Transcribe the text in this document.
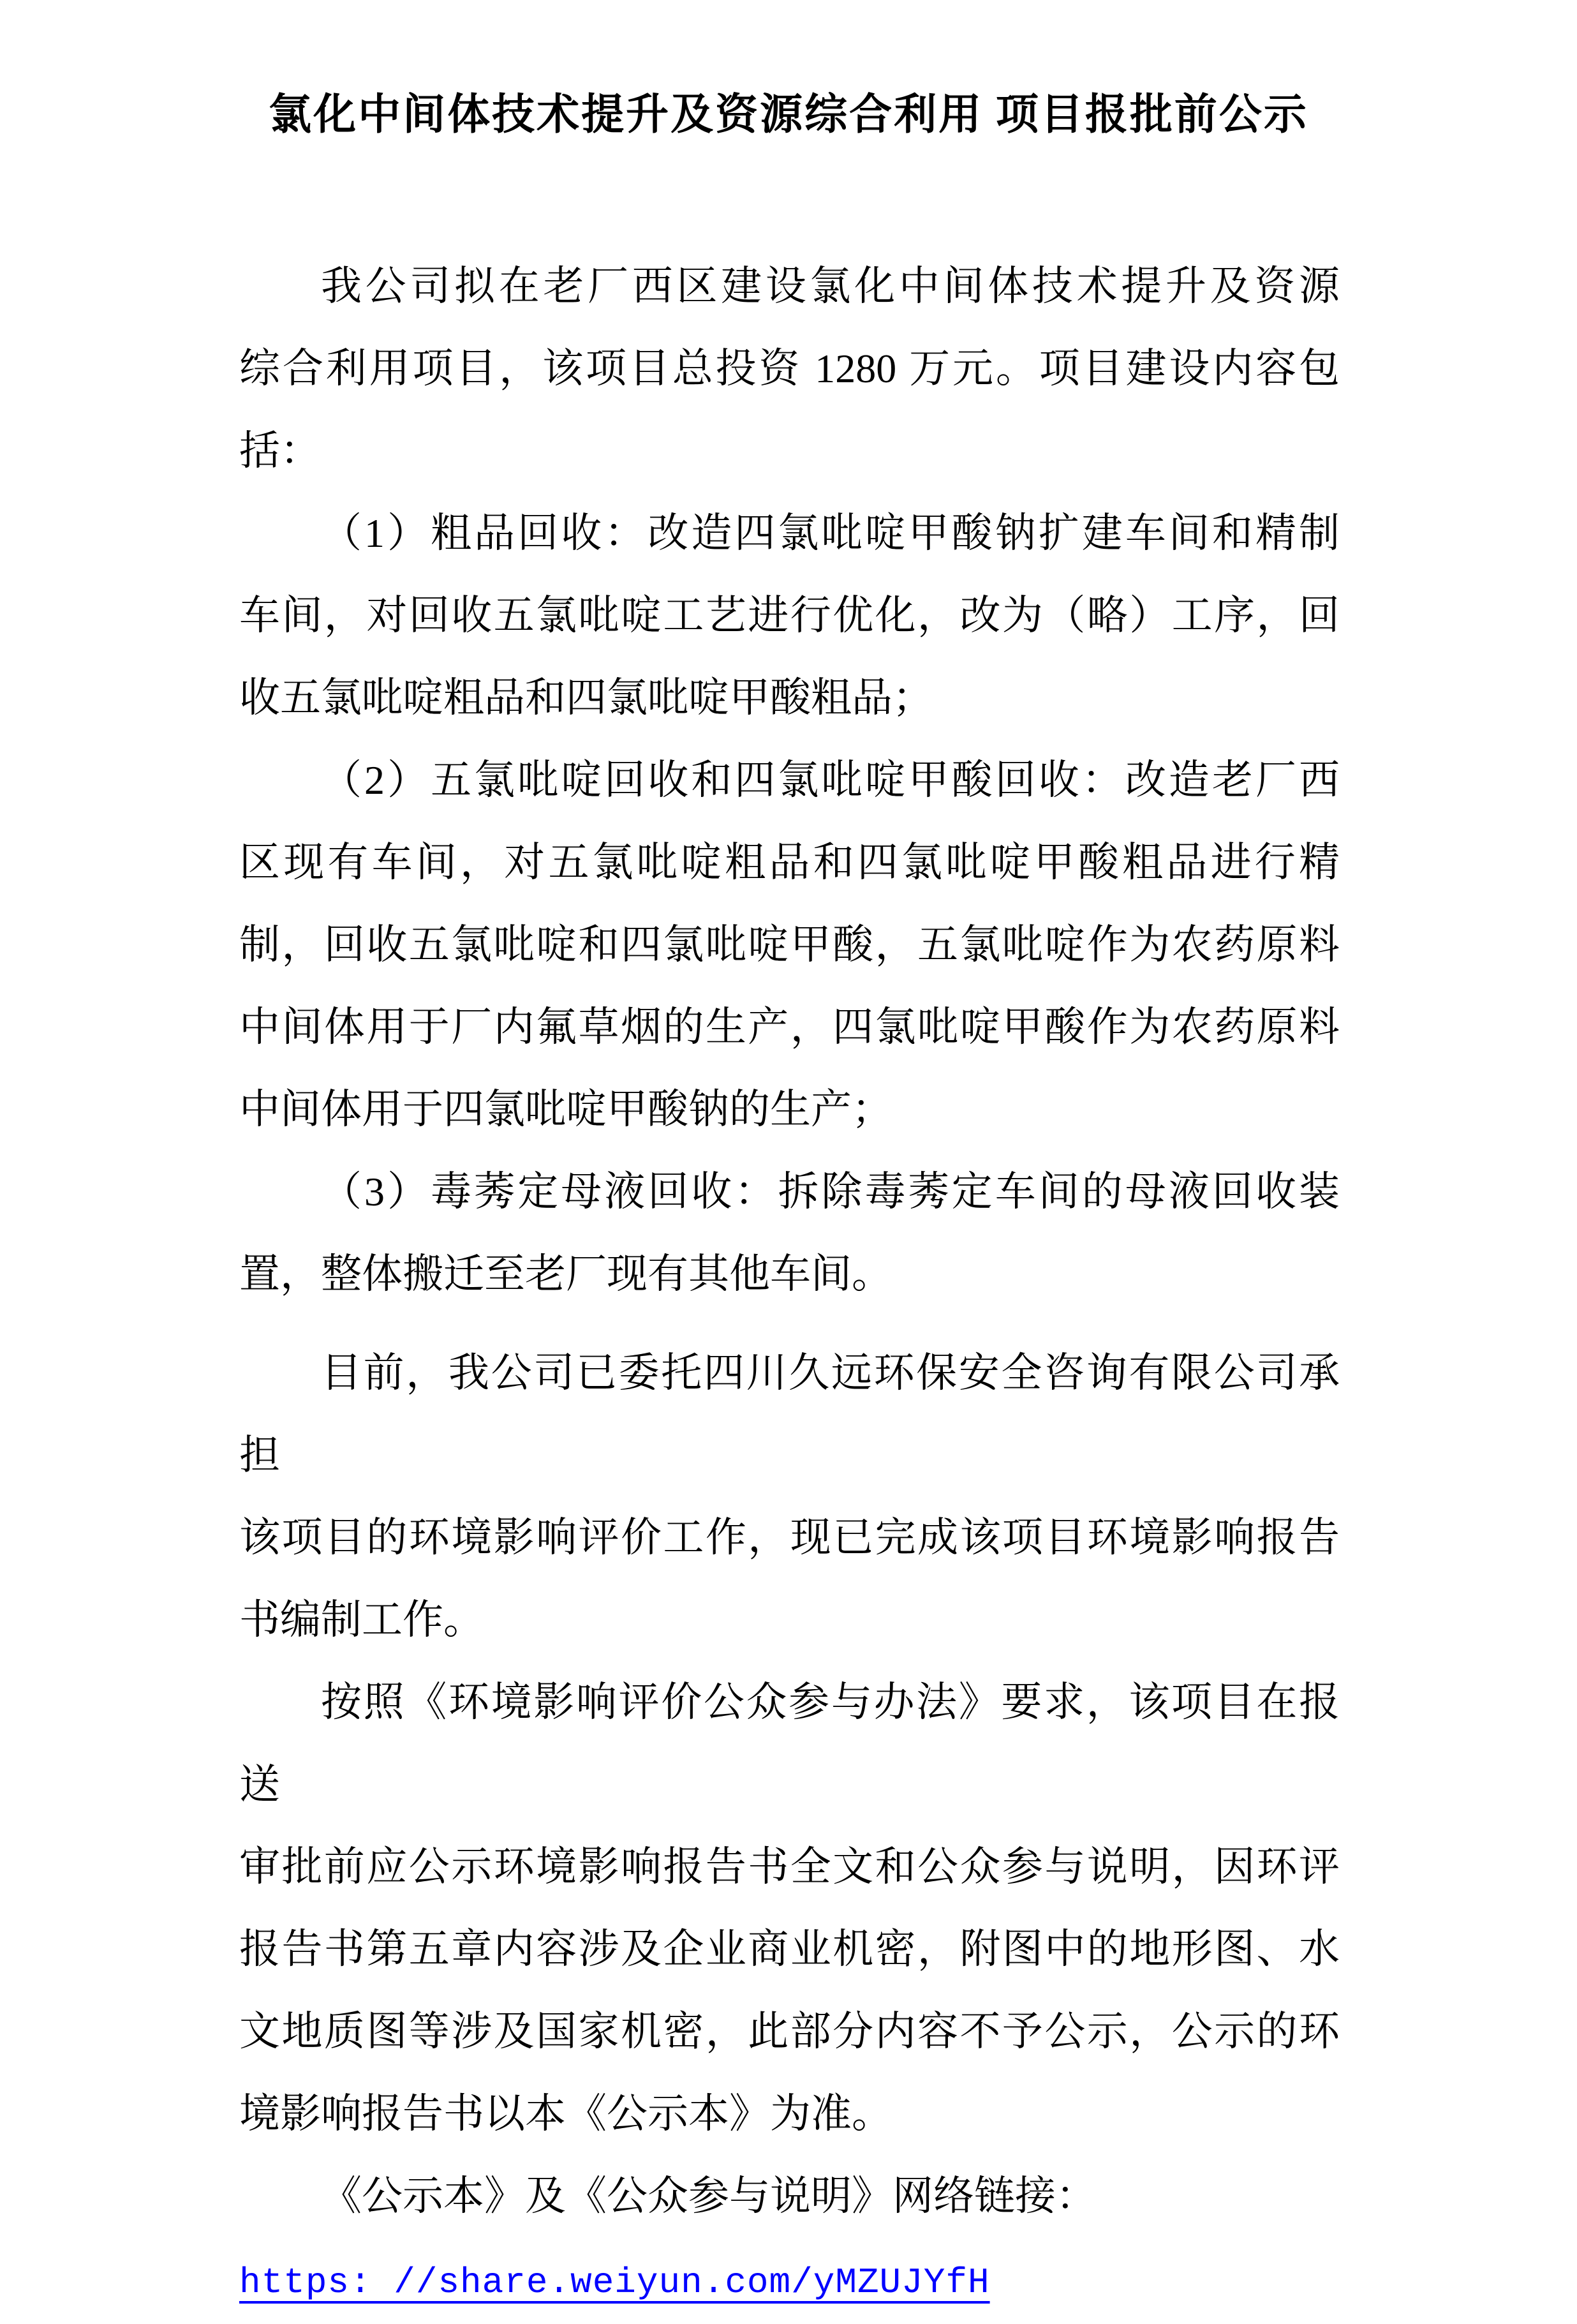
氯化中间体技术提升及资源综合利用 项目报批前公示
我公司拟在老厂西区建设氯化中间体技术提升及资源
综合利用项目，该项目总投资 1280 万元。项目建设内容包
括：
（1）粗品回收：改造四氯吡啶甲酸钠扩建车间和精制
车间，对回收五氯吡啶工艺进行优化，改为（略）工序，回
收五氯吡啶粗品和四氯吡啶甲酸粗品；
（2）五氯吡啶回收和四氯吡啶甲酸回收：改造老厂西
区现有车间，对五氯吡啶粗品和四氯吡啶甲酸粗品进行精
制，回收五氯吡啶和四氯吡啶甲酸，五氯吡啶作为农药原料
中间体用于厂内氟草烟的生产，四氯吡啶甲酸作为农药原料
中间体用于四氯吡啶甲酸钠的生产；
（3）毒莠定母液回收：拆除毒莠定车间的母液回收装
置，整体搬迁至老厂现有其他车间。
目前，我公司已委托四川久远环保安全咨询有限公司承担
该项目的环境影响评价工作，现已完成该项目环境影响报告
书编制工作。
按照《环境影响评价公众参与办法》要求，该项目在报送
审批前应公示环境影响报告书全文和公众参与说明，因环评
报告书第五章内容涉及企业商业机密，附图中的地形图、水
文地质图等涉及国家机密，此部分内容不予公示，公示的环
境影响报告书以本《公示本》为准。
《公示本》及《公众参与说明》网络链接：
https: //share.weiyun.com/yMZUJYfH
